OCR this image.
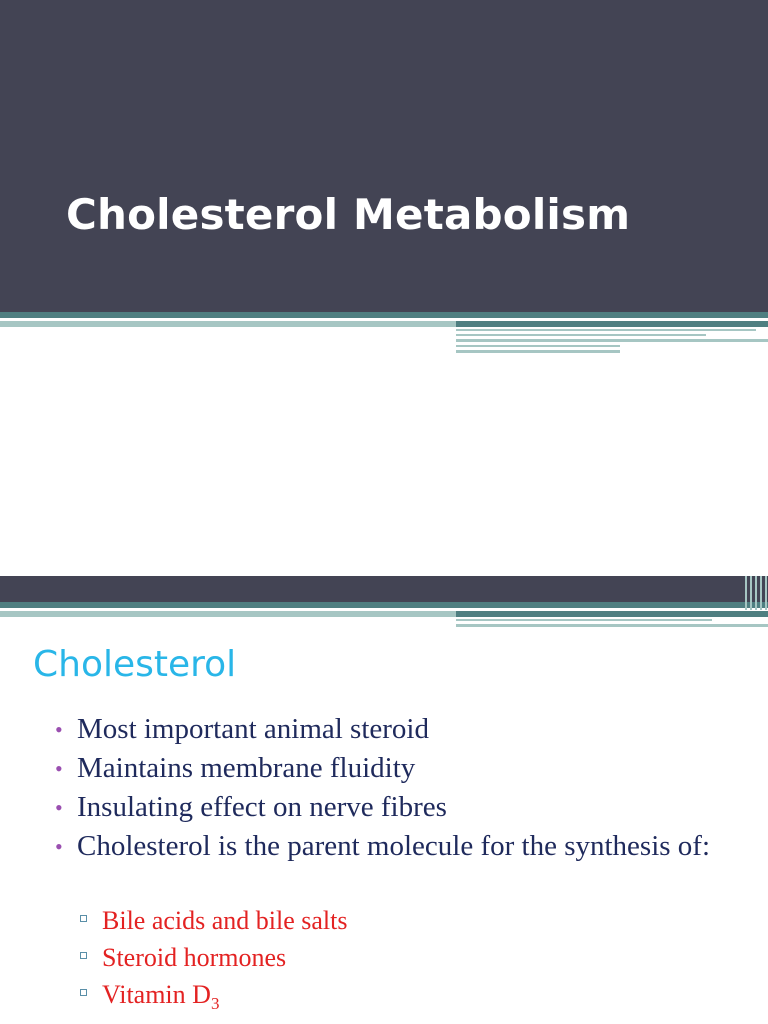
Cholesterol Metabolism
Cholesterol
• Most important animal steroid
• Maintains membrane fluidity
• Insulating effect on nerve fibres
• Cholesterol is the parent molecule for the synthesis of:
Bile acids and bile salts
Steroid hormones
Vitamin $D_3$
